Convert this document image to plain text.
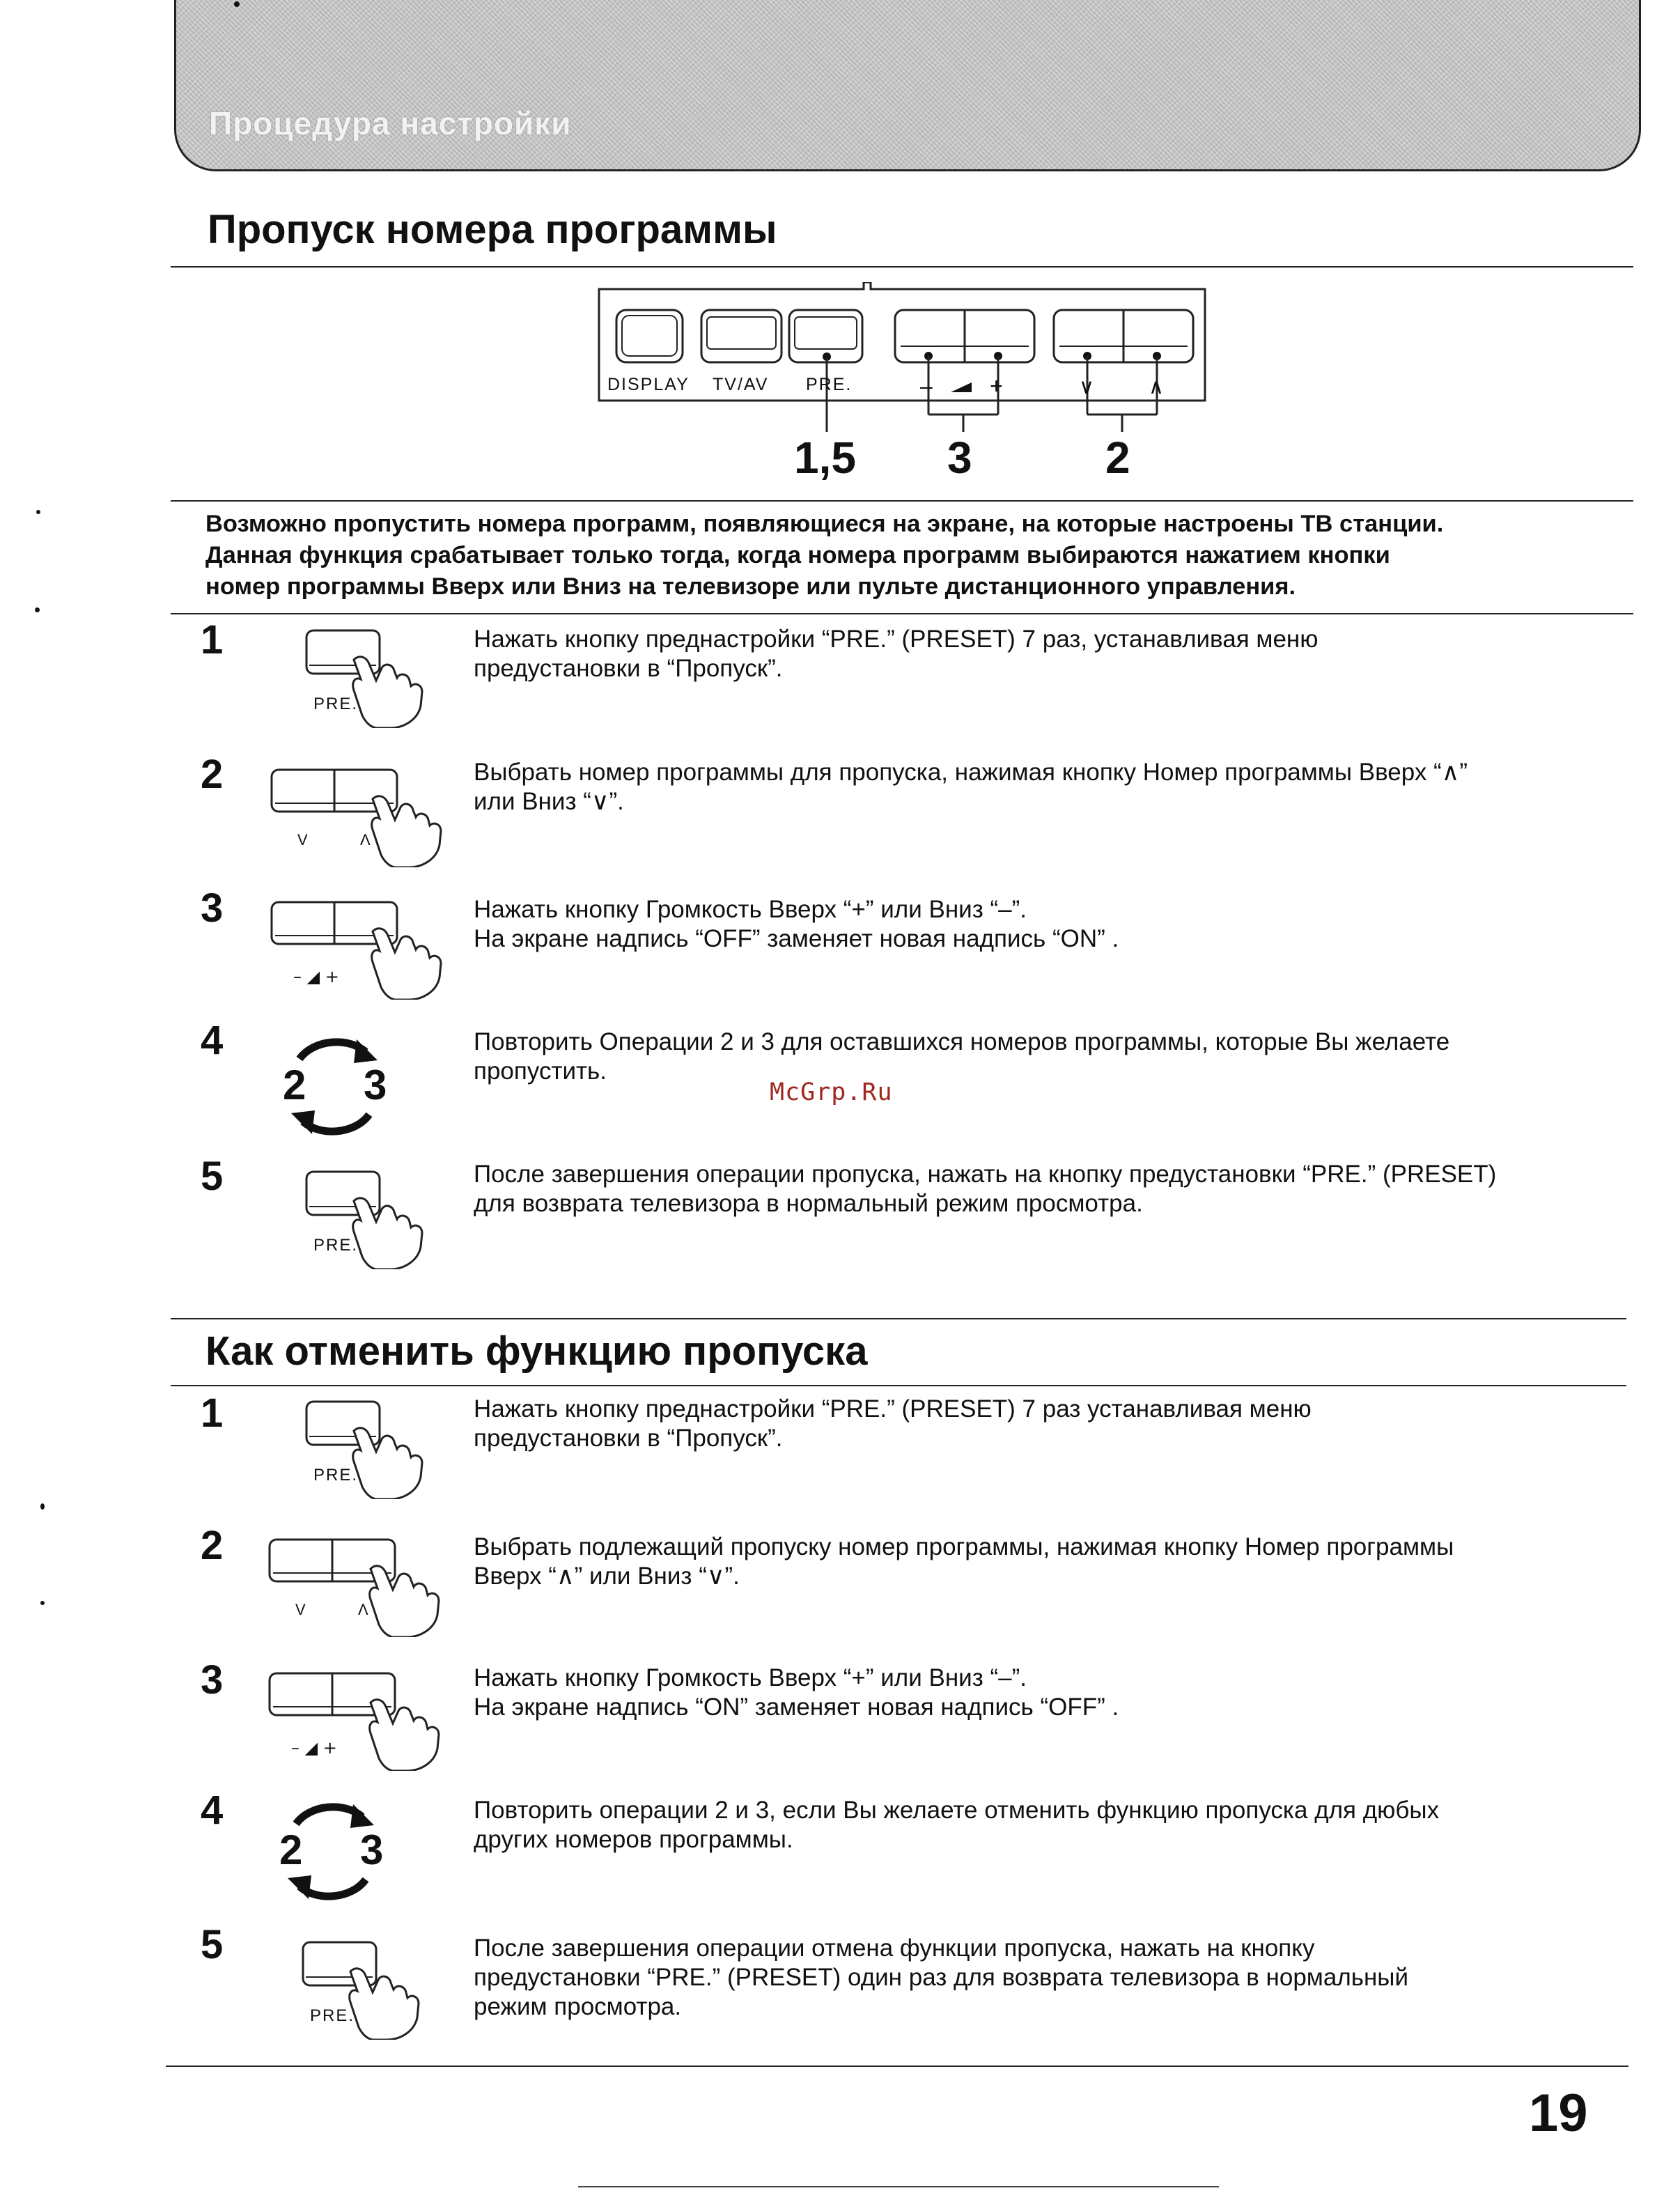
Процедура настройки
Пропуск номера программы
DISPLAY TV/AV PRE.	–	+	∨	∧
1,5 3	2
Возможно пропустить номера программ, появляющиеся на экране, на которые настроены ТВ станции.
Данная функция срабатывает только тогда, когда номера программ выбираются нажатием кнопки
номер программы Вверх или Вниз на телевизоре или пульте дистанционного управления.
1
PRE.
Нажать кнопку преднастройки “PRE.” (PRESET) 7 раз, устанавливая меню
предустановки в “Пропуск”.
2
V	Λ
Выбрать номер программы для пропуска, нажимая кнопку Номер программы Вверх “∧”
или Вниз “∨”.
3
– ◢ +
Нажать кнопку Громкость Вверх “+” или Вниз “–”.
На экране надпись “OFF” заменяет новая надпись “ON” .
4
2 3
Повторить Операции 2 и 3 для оставшихся номеров программы, которые Вы желаете
пропустить.
5
PRE.
После завершения операции пропуска, нажать на кнопку предустановки “PRE.” (PRESET)
для возврата телевизора в нормальный режим просмотра.
McGrp.Ru
Как отменить функцию пропуска
1
PRE.
Нажать кнопку преднастройки “PRE.” (PRESET) 7 раз устанавливая меню
предустановки в “Пропуск”.
2
V	Λ
Выбрать подлежащий пропуску номер программы, нажимая кнопку Номер программы
Вверх “∧” или Вниз “∨”.
3
– ◢ +
Нажать кнопку Громкость Вверх “+” или Вниз “–”.
На экране надпись “ON” заменяет новая надпись “OFF” .
4
2 3
Повторить операции 2 и 3, если Вы желаете отменить функцию пропуска для дюбых
других номеров программы.
5
PRE.
После завершения операции отмена функции пропуска, нажать на кнопку
предустановки “PRE.” (PRESET) один раз для возврата телевизора в нормальный
режим просмотра.
19
